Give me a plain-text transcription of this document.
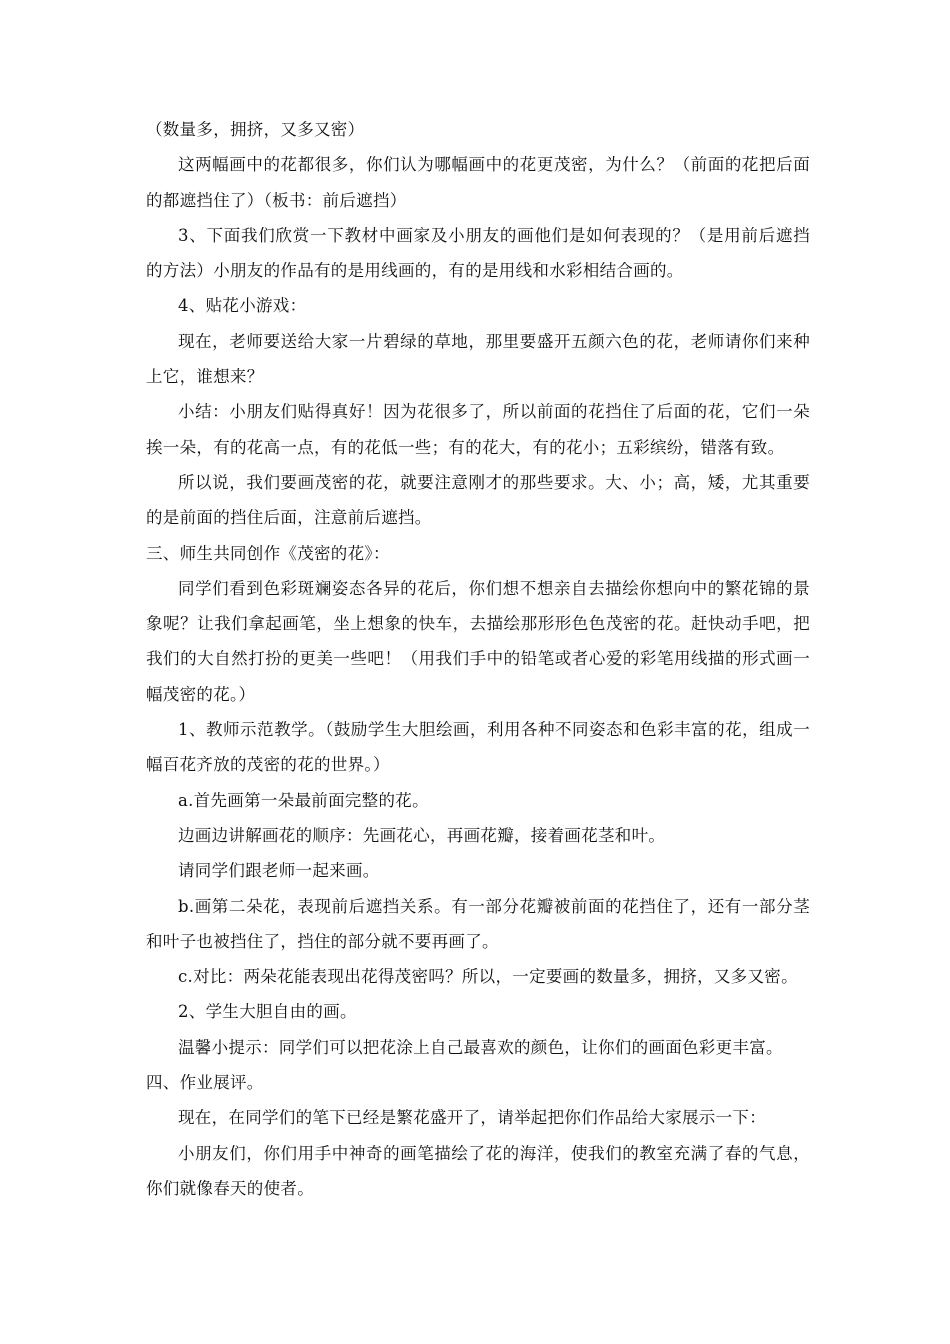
（数量多，拥挤，又多又密）

这两幅画中的花都很多，你们认为哪幅画中的花更茂密，为什么？（前面的花把后面的都遮挡住了）（板书：前后遮挡）

3、下面我们欣赏一下教材中画家及小朋友的画他们是如何表现的？（是用前后遮挡的方法）小朋友的作品有的是用线画的，有的是用线和水彩相结合画的。

4、贴花小游戏：

现在，老师要送给大家一片碧绿的草地，那里要盛开五颜六色的花，老师请你们来种上它，谁想来？

小结：小朋友们贴得真好！因为花很多了，所以前面的花挡住了后面的花，它们一朵挨一朵，有的花高一点，有的花低一些；有的花大，有的花小；五彩缤纷，错落有致。

所以说，我们要画茂密的花，就要注意刚才的那些要求。大、小；高，矮，尤其重要的是前面的挡住后面，注意前后遮挡。

三、师生共同创作《茂密的花》：

同学们看到色彩斑斓姿态各异的花后，你们想不想亲自去描绘你想向中的繁花锦的景象呢？让我们拿起画笔，坐上想象的快车，去描绘那形形色色茂密的花。赶快动手吧，把我们的大自然打扮的更美一些吧！（用我们手中的铅笔或者心爱的彩笔用线描的形式画一幅茂密的花。）

1、教师示范教学。（鼓励学生大胆绘画，利用各种不同姿态和色彩丰富的花，组成一幅百花齐放的茂密的花的世界。）

a.首先画第一朵最前面完整的花。

边画边讲解画花的顺序：先画花心，再画花瓣，接着画花茎和叶。

请同学们跟老师一起来画。

b.画第二朵花，表现前后遮挡关系。有一部分花瓣被前面的花挡住了，还有一部分茎和叶子也被挡住了，挡住的部分就不要再画了。

c.对比：两朵花能表现出花得茂密吗？所以，一定要画的数量多，拥挤，又多又密。

2、学生大胆自由的画。

温馨小提示：同学们可以把花涂上自己最喜欢的颜色，让你们的画面色彩更丰富。

四、作业展评。

现在，在同学们的笔下已经是繁花盛开了，请举起把你们作品给大家展示一下：

小朋友们，你们用手中神奇的画笔描绘了花的海洋，使我们的教室充满了春的气息，你们就像春天的使者。
